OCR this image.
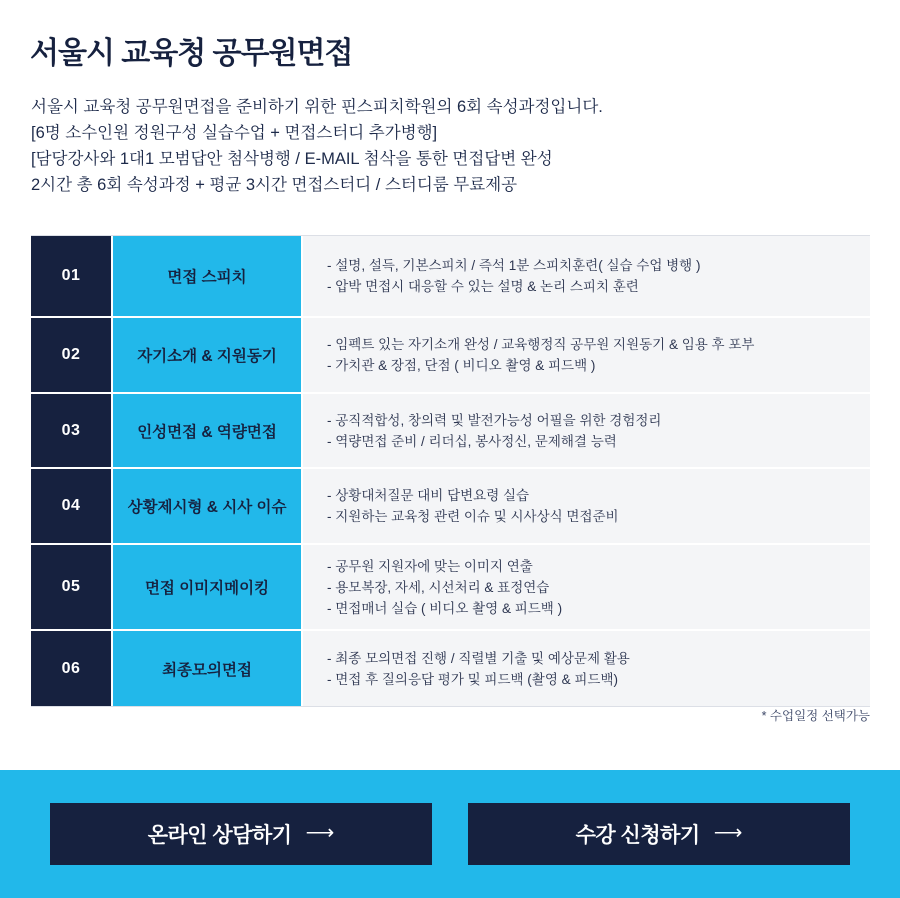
서울시 교육청 공무원면접
서울시 교육청 공무원면접을 준비하기 위한 핀스피치학원의 6회 속성과정입니다.
[6명 소수인원 정원구성 실습수업 + 면접스터디 추가병행]
[담당강사와 1대1 모범답안 첨삭병행 / E-MAIL 첨삭을 통한 면접답변 완성
2시간 총 6회 속성과정 + 평균 3시간 면접스터디 / 스터디룸 무료제공
01	면접 스피치
- 설명, 설득, 기본스피치 / 즉석 1분 스피치훈련( 실습 수업 병행 )
- 압박 면접시 대응할 수 있는 설명 & 논리 스피치 훈련
02	자기소개 & 지원동기
- 임펙트 있는 자기소개 완성 / 교육행정직 공무원 지원동기 & 임용 후 포부
- 가치관 & 장점, 단점 ( 비디오 촬영 & 피드백 )
03	인성면접 & 역량면접
- 공직적합성, 창의력 및 발전가능성 어필을 위한 경험정리
- 역량면접 준비 / 리더십, 봉사정신, 문제해결 능력
04	상황제시형 & 시사 이슈
- 상황대처질문 대비 답변요령 실습
- 지원하는 교육청 관련 이슈 및 시사상식 면접준비
05	면접 이미지메이킹
- 공무원 지원자에 맞는 이미지 연출
- 용모복장, 자세, 시선처리 & 표정연습
- 면접매너 실습 ( 비디오 촬영 & 피드백 )
06	최종모의면접
- 최종 모의면접 진행 / 직렬별 기출 및 예상문제 활용
- 면접 후 질의응답 평가 및 피드백 (촬영 & 피드백)
* 수업일정 선택가능
온라인 상담하기 ⟶	수강 신청하기 ⟶
